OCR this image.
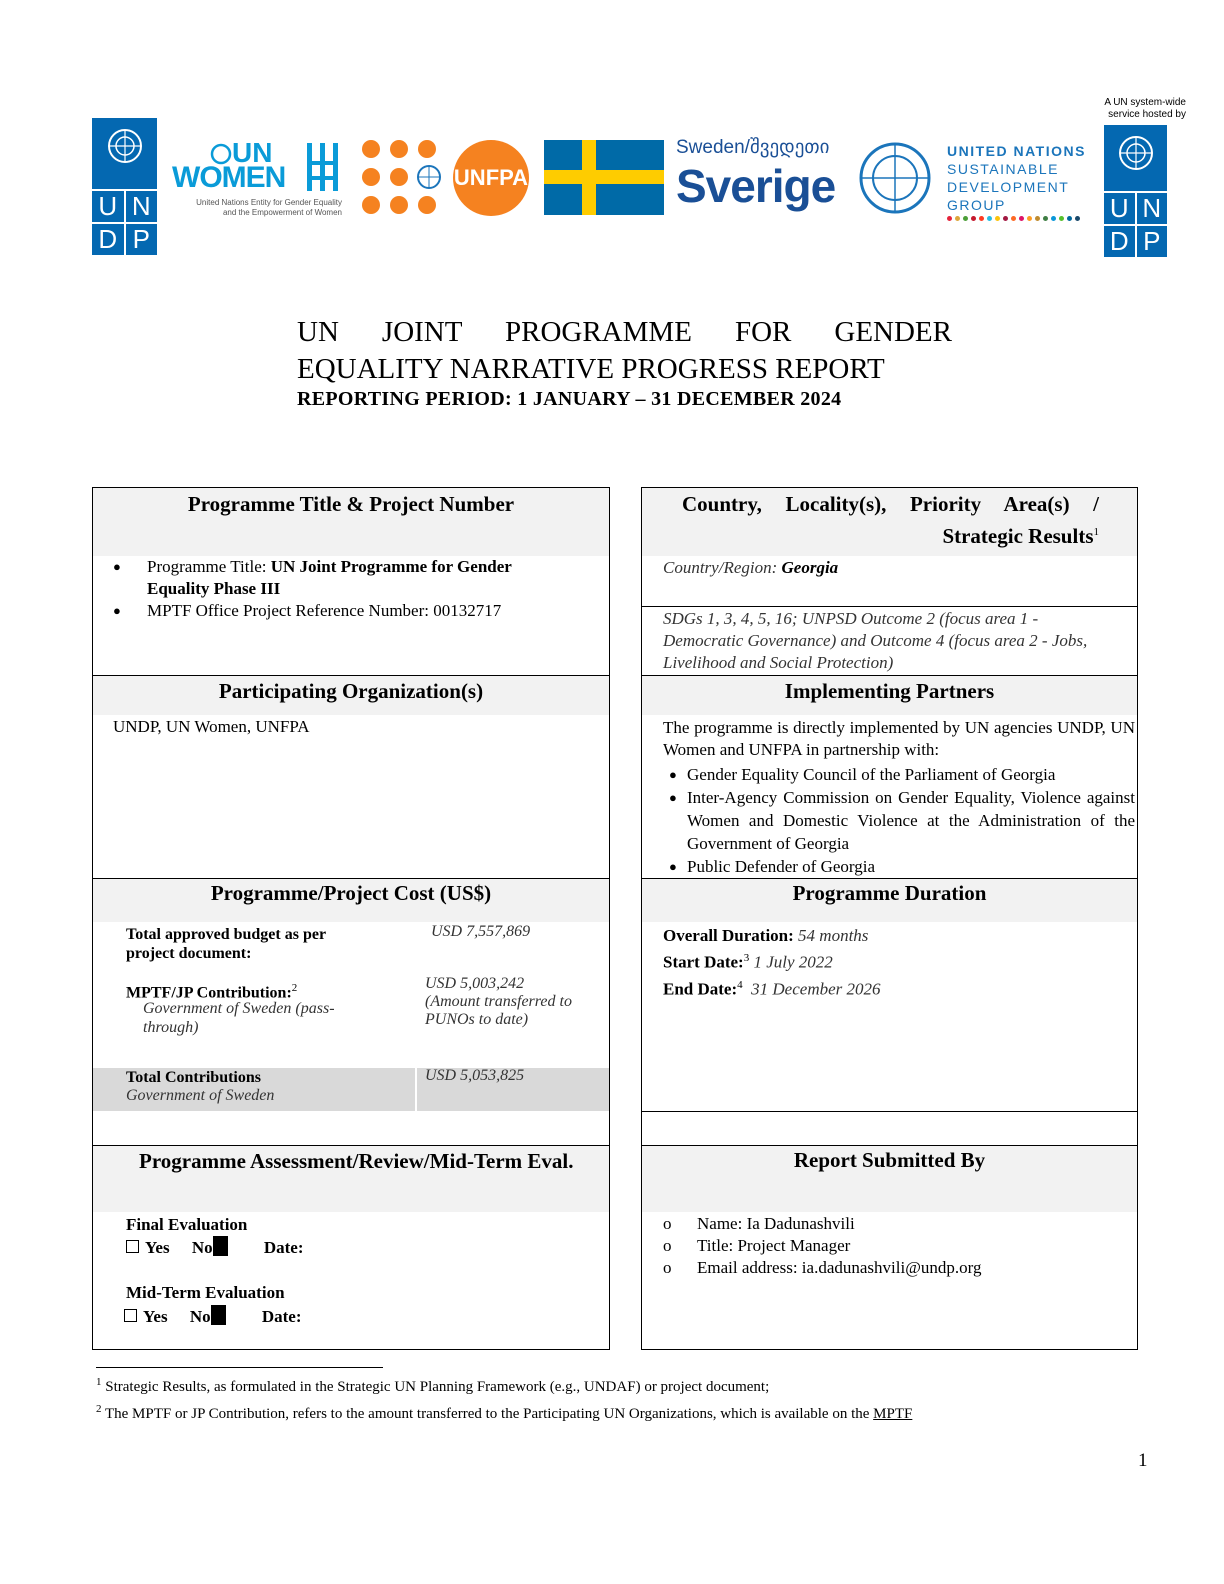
U N
D P
UN
WOMEN
United Nations Entity for Gender Equality
and the Empowerment of Women
UNFPA
Sweden/შვედეთი
Sverige
UNITED NATIONS
SUSTAINABLE
DEVELOPMENT
GROUP
A UN system-wide
service hosted by
U N
D P
UN JOINT PROGRAMME FOR GENDER
EQUALITY NARRATIVE PROGRESS REPORT
REPORTING PERIOD: 1 JANUARY – 31 DECEMBER 2024
Programme Title & Project Number
● Programme Title: UN Joint Programme for Gender Equality Phase III
● MPTF Office Project Reference Number: 00132717
Participating Organization(s)
UNDP, UN Women, UNFPA
Programme/Project Cost (US$)
Total approved budget as per project document:
USD 7,557,869
MPTF/JP Contribution:$^2$
Government of Sweden (pass-through)
USD 5,003,242
(Amount transferred to PUNOs to date)
Total Contributions
Government of Sweden
USD 5,053,825
Programme Assessment/Review/Mid-Term Eval.
Final Evaluation
Yes No	Date:
Mid-Term Evaluation
Yes No	Date:
Country, Locality(s), Priority Area(s) /
Strategic Results$^1$
Country/Region: Georgia
SDGs 1, 3, 4, 5, 16; UNPSD Outcome 2 (focus area 1 - Democratic Governance) and Outcome 4 (focus area 2 - Jobs, Livelihood and Social Protection)
Implementing Partners
The programme is directly implemented by UN agencies UNDP, UN Women and UNFPA in partnership with:
● Gender Equality Council of the Parliament of Georgia
● Inter-Agency Commission on Gender Equality, Violence against Women and Domestic Violence at the Administration of the Government of Georgia
● Public Defender of Georgia
Programme Duration
Overall Duration: 54 months
Start Date:$^3$ 1 July 2022
End Date:$^4$ 31 December 2026
Report Submitted By
o Name: Ia Dadunashvili
o Title: Project Manager
o Email address: ia.dadunashvili@undp.org
$^1$ Strategic Results, as formulated in the Strategic UN Planning Framework (e.g., UNDAF) or project document;
$^2$ The MPTF or JP Contribution, refers to the amount transferred to the Participating UN Organizations, which is available on the MPTF
1
